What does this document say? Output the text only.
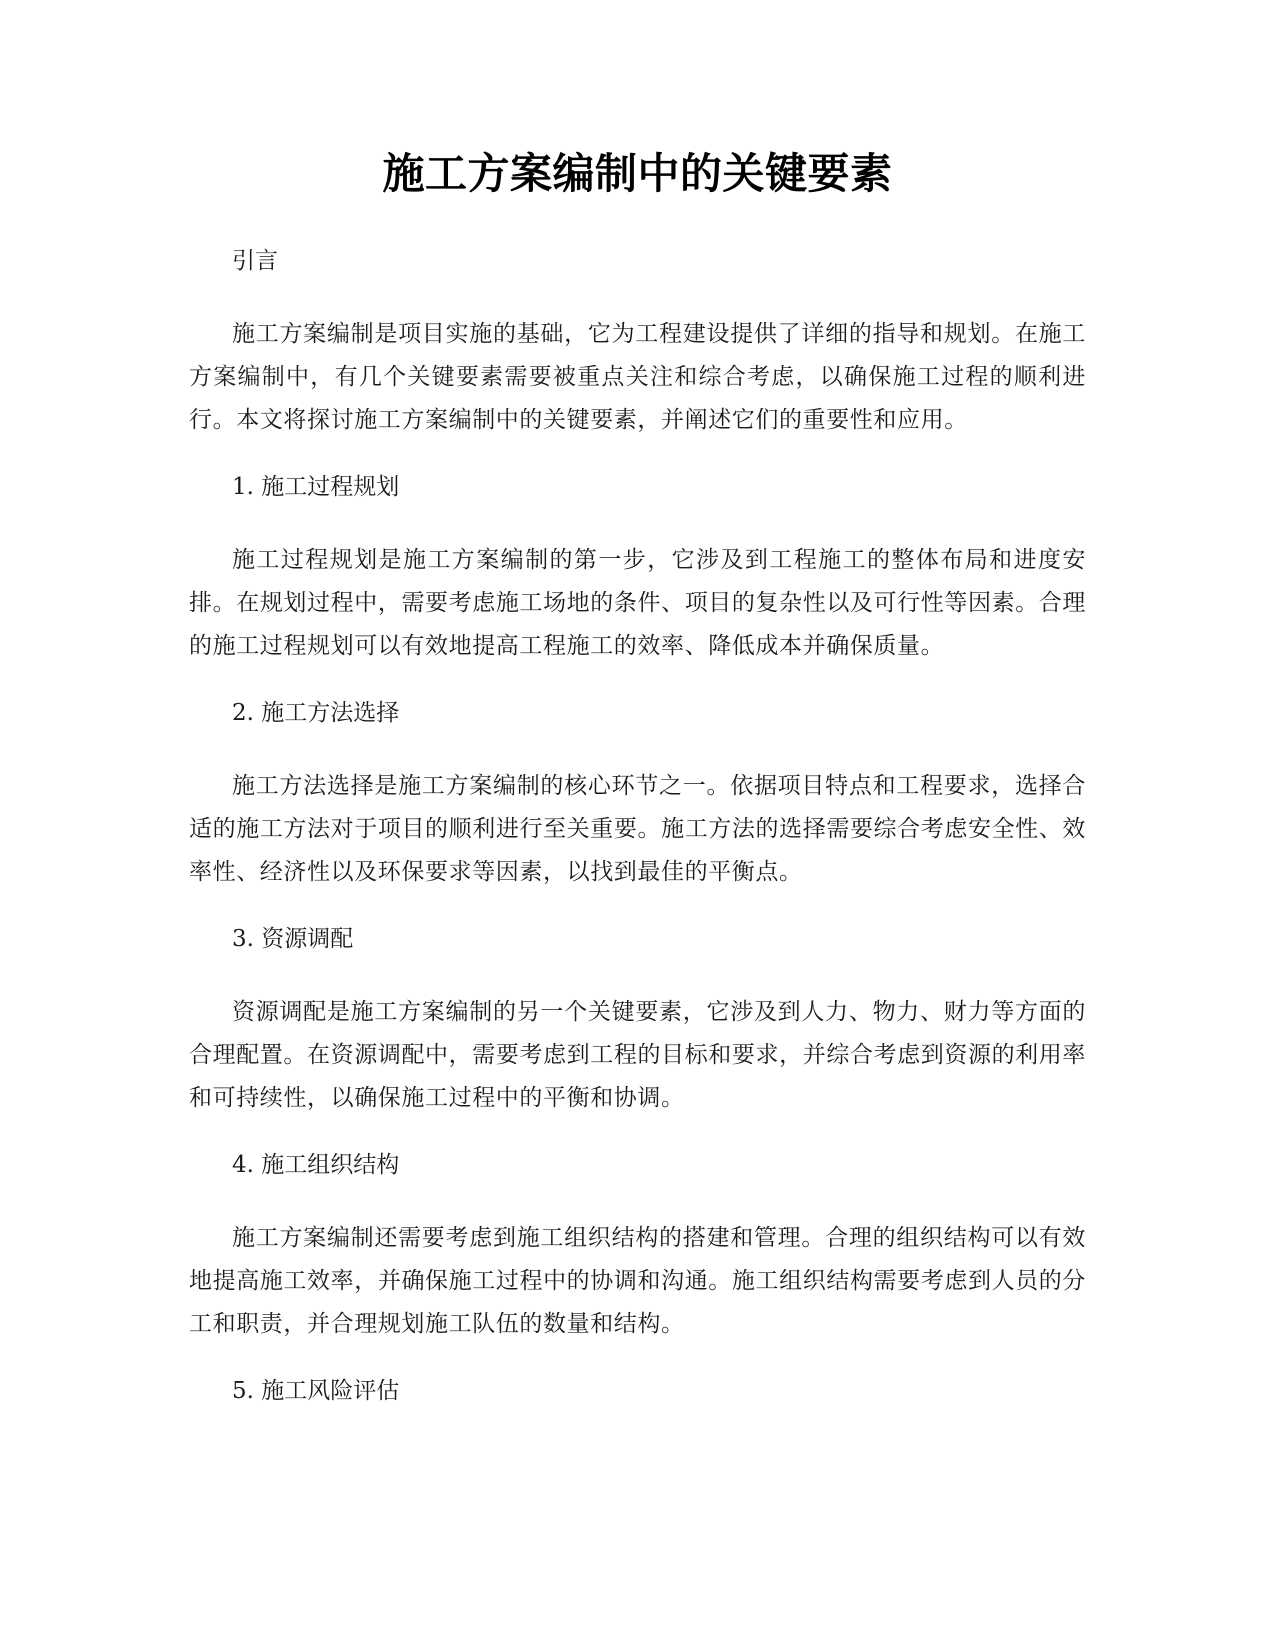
施工方案编制中的关键要素

引言

施工方案编制是项目实施的基础，它为工程建设提供了详细的指导和规划。在施工方案编制中，有几个关键要素需要被重点关注和综合考虑，以确保施工过程的顺利进行。本文将探讨施工方案编制中的关键要素，并阐述它们的重要性和应用。

1. 施工过程规划

施工过程规划是施工方案编制的第一步，它涉及到工程施工的整体布局和进度安排。在规划过程中，需要考虑施工场地的条件、项目的复杂性以及可行性等因素。合理的施工过程规划可以有效地提高工程施工的效率、降低成本并确保质量。

2. 施工方法选择

施工方法选择是施工方案编制的核心环节之一。依据项目特点和工程要求，选择合适的施工方法对于项目的顺利进行至关重要。施工方法的选择需要综合考虑安全性、效率性、经济性以及环保要求等因素，以找到最佳的平衡点。

3. 资源调配

资源调配是施工方案编制的另一个关键要素，它涉及到人力、物力、财力等方面的合理配置。在资源调配中，需要考虑到工程的目标和要求，并综合考虑到资源的利用率和可持续性，以确保施工过程中的平衡和协调。

4. 施工组织结构

施工方案编制还需要考虑到施工组织结构的搭建和管理。合理的组织结构可以有效地提高施工效率，并确保施工过程中的协调和沟通。施工组织结构需要考虑到人员的分工和职责，并合理规划施工队伍的数量和结构。

5. 施工风险评估
